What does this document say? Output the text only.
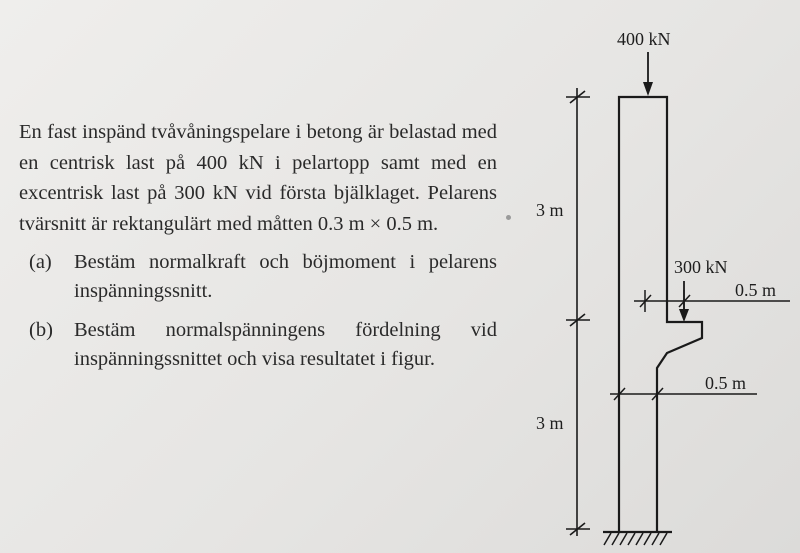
En fast inspänd tvåvåningspelare i betong är belastad med en centrisk last på 400 kN i pelartopp samt med en excentrisk last på 300 kN vid första bjälklaget. Pelarens tvärsnitt är rektangulärt med måtten 0.3 m × 0.5 m.

(a) Bestäm normalkraft och böjmoment i pelarens inspänningssnitt.
(b) Bestäm normalspänningens fördelning vid inspänningssnittet och visa resultatet i figur.
3 m
3 m
400 kN
300 kN
0.5 m
0.5 m
